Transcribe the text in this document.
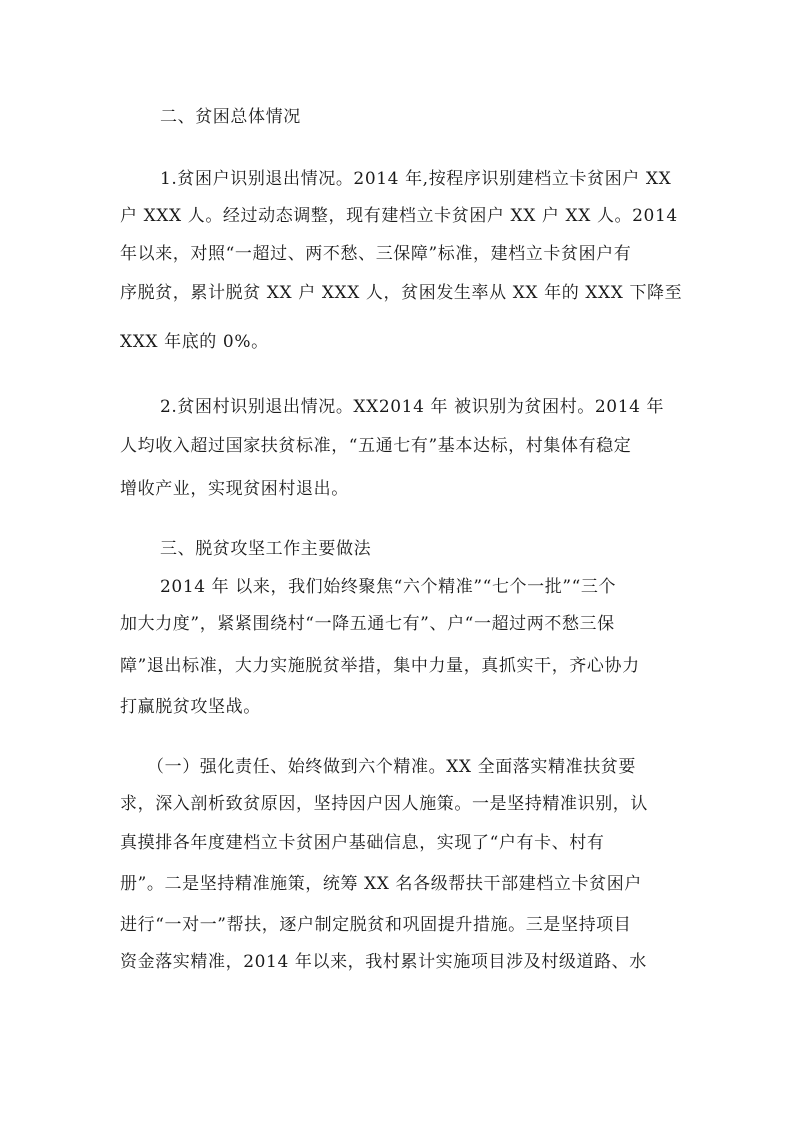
二、贫困总体情况
1.贫困户识别退出情况。2014 年,按程序识别建档立卡贫困户 XX
户 XXX 人。经过动态调整，现有建档立卡贫困户 XX 户 XX 人。2014
年以来，对照“一超过、两不愁、三保障”标准，建档立卡贫困户有
序脱贫，累计脱贫 XX 户 XXX 人，贫困发生率从 XX 年的 XXX 下降至
XXX 年底的 0%。
2.贫困村识别退出情况。XX2014 年 被识别为贫困村。2014 年
人均收入超过国家扶贫标准，“五通七有”基本达标，村集体有稳定
增收产业，实现贫困村退出。
三、脱贫攻坚工作主要做法
2014 年 以来，我们始终聚焦“六个精准”“七个一批”“三个
加大力度”，紧紧围绕村“一降五通七有”、户“一超过两不愁三保
障”退出标准，大力实施脱贫举措，集中力量，真抓实干，齐心协力
打赢脱贫攻坚战。
（一）强化责任、始终做到六个精准。XX 全面落实精准扶贫要
求，深入剖析致贫原因，坚持因户因人施策。一是坚持精准识别，认
真摸排各年度建档立卡贫困户基础信息，实现了“户有卡、村有
册”。二是坚持精准施策，统筹 XX 名各级帮扶干部建档立卡贫困户
进行“一对一”帮扶，逐户制定脱贫和巩固提升措施。三是坚持项目
资金落实精准，2014 年以来，我村累计实施项目涉及村级道路、水
